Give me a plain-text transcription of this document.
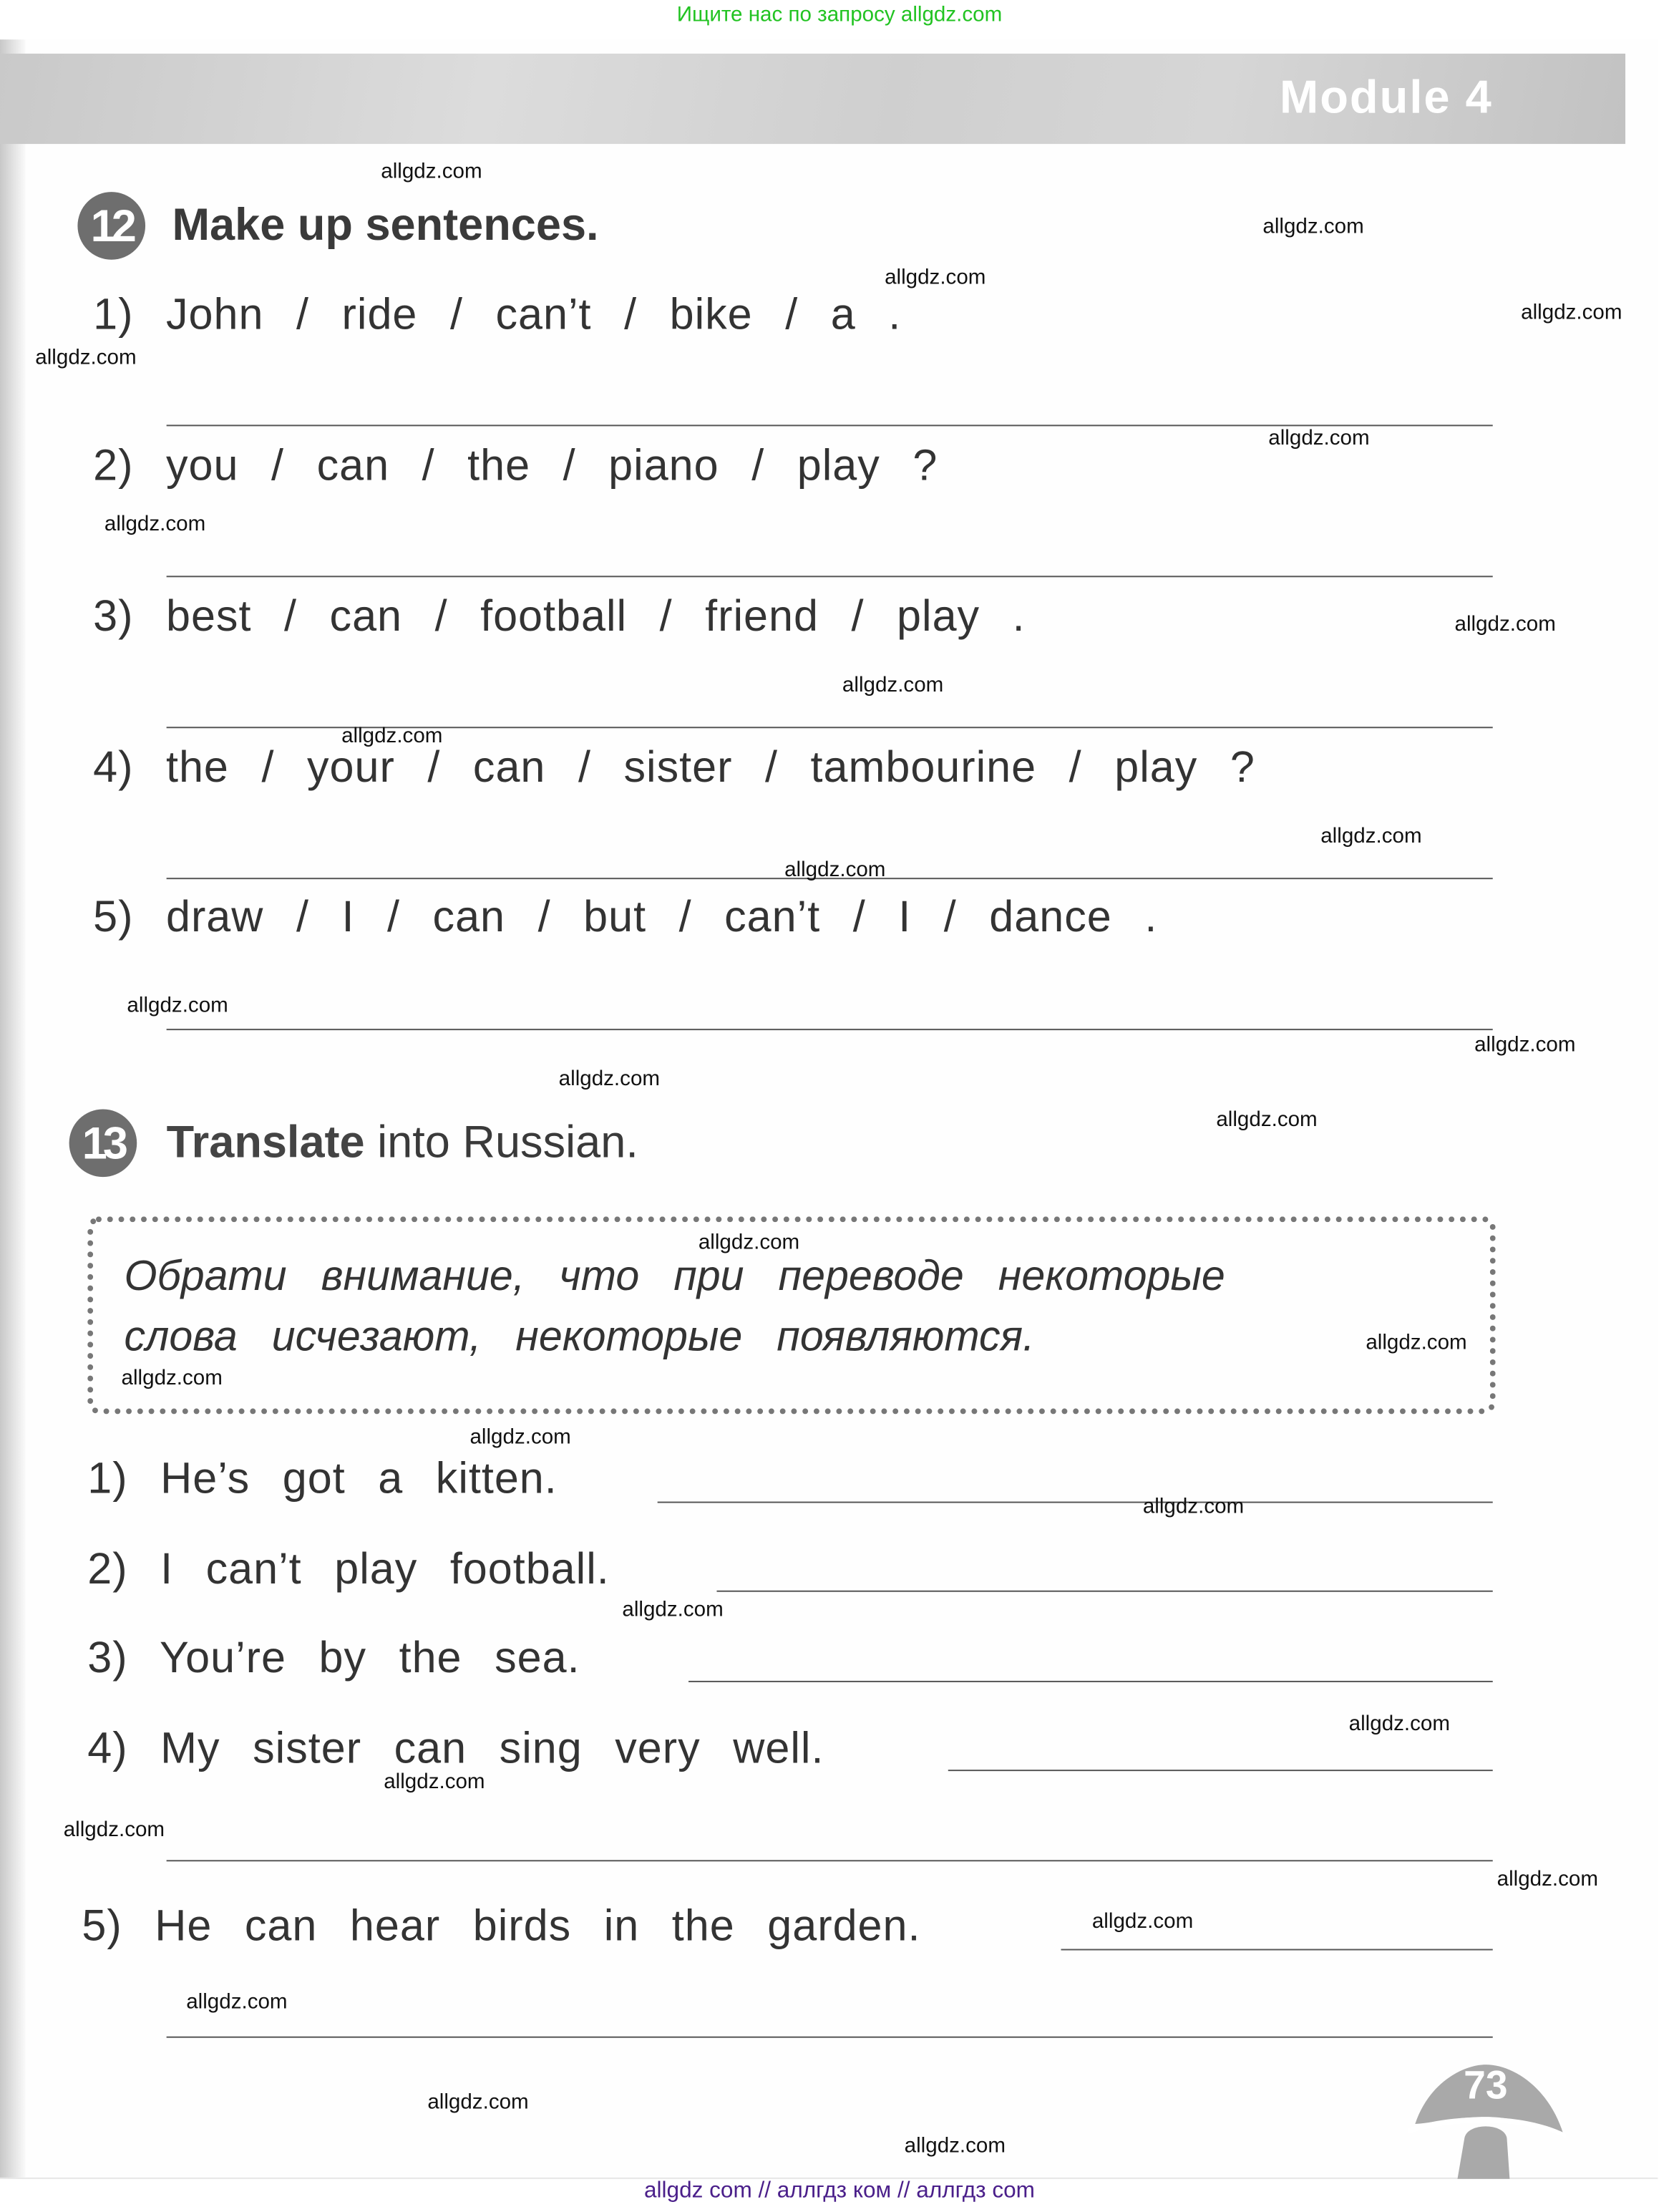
Ищите нас по запросу allgdz.com
Module 4
12	Make up sentences.
1) John / ride / can’t / bike / a .
2) you / can / the / piano / play ?
3) best / can / football / friend / play .
4) the / your / can / sister / tambourine / play ?
5) draw / I / can / but / can’t / I / dance .
13	Translate into Russian.
Обрати внимание, что при переводе некоторые
слова исчезают, некоторые появляются.
1) He’s got a kitten.
2) I can’t play football.
3) You’re by the sea.
4) My sister can sing very well.
5) He can hear birds in the garden.
73
allgdz.com
allgdz.com
allgdz.com
allgdz.com
allgdz.com
allgdz.com
allgdz.com
allgdz.com
allgdz.com
allgdz.com
allgdz.com
allgdz.com
allgdz.com
allgdz.com
allgdz.com
allgdz.com
allgdz.com
allgdz.com
allgdz.com
allgdz.com
allgdz.com
allgdz.com
allgdz.com
allgdz.com
allgdz.com
allgdz.com
allgdz.com
allgdz.com
allgdz.com
allgdz.com
allgdz com // аллгдз ком // аллгдз com
